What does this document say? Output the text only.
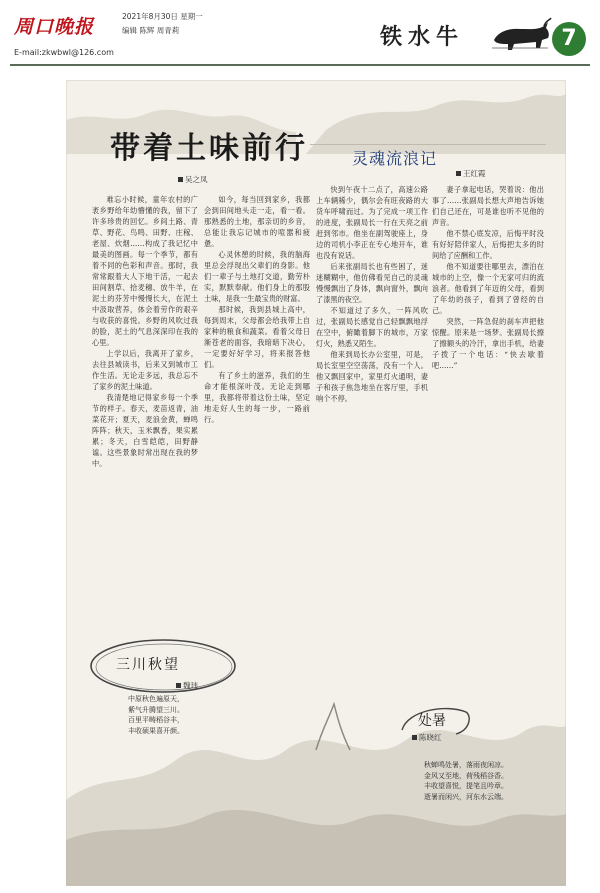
周口晚报
E-mail:zkwbwl@126.com
2021年8月30日 星期一
编辑 陈辉 周青莉	铁水牛	7
带着土味前行
吴之凤

难忘小时候，童年农村的广袤乡野给年幼懵懂的我，留下了许多珍贵的回忆。乡间土路、青草、野花、鸟鸣、田野、庄稼、老屋、炊烟……构成了我记忆中最美的图画。每一个季节，都有着不同的色彩和声音。那时，我常常跟着大人下地干活，一起去田间割草、拾麦穗、放牛羊，在泥土的芬芳中慢慢长大，在泥土中汲取营养，体会着劳作的艰辛与收获的喜悦。乡野的风吹过我的脸，泥土的气息深深印在我的心里。

上学以后，我离开了家乡，去往县城读书，后来又到城市工作生活。无论走多远，我总忘不了家乡的泥土味道。

我清楚地记得家乡每一个季节的样子。春天，麦苗返青，油菜花开；夏天，麦浪金黄，蝉鸣阵阵；秋天，玉米飘香，果实累累；冬天，白雪皑皑，田野静谧。这些景象时常出现在我的梦中。

如今，每当回到家乡，我都会到田间地头走一走，看一看。那熟悉的土地，那亲切的乡音，总能让我忘记城市的喧嚣和疲惫。

心灵休憩的时候，我的脑海里总会浮现出父辈们的身影。他们一辈子与土地打交道，勤劳朴实，默默奉献。他们身上的那股土味，是我一生最宝贵的财富。

那时候，我到县城上高中，每到周末，父母都会给我带上自家种的粮食和蔬菜。看着父母日渐苍老的面容，我暗暗下决心，一定要好好学习，将来报答他们。

有了乡土的滋养，我们的生命才能根深叶茂。无论走到哪里，我都将带着这份土味，坚定地走好人生的每一步，一路前行。

灵魂流浪记
王红霞

快到午夜十二点了，高速公路上车辆稀少，偶尔会有旺夜路的大货车呼啸而过。为了完成一项工作的进度，张副局长一行在天亮之前赶到邻市。他坐在副驾驶座上，身边的司机小李正在专心地开车，谁也没有说话。

后来张副局长也有些困了，迷迷糊糊中，他仿佛看见自己的灵魂慢慢飘出了身体，飘向窗外，飘向了漆黑的夜空。

不知道过了多久，一阵风吹过，张副局长感觉自己轻飘飘地浮在空中，俯瞰着脚下的城市，万家灯火，熟悉又陌生。

他来到局长办公室里，可是，局长室里空空荡荡，没有一个人。他又飘回家中，家里灯火通明，妻子和孩子焦急地坐在客厅里，手机响个不停。

妻子拿起电话，哭着说：他出事了……张副局长想大声地告诉她们自己还在，可是谁也听不见他的声音。

他不禁心底发凉，后悔平时没有好好陪伴家人，后悔把太多的时间给了应酬和工作。

他不知道要往哪里去，漂泊在城市的上空，像一个无家可归的流浪者。他看到了年迈的父母，看到了年幼的孩子，看到了曾经的自己。

突然，一阵急促的刹车声把他惊醒。原来是一场梦。张副局长擦了擦额头的冷汗，拿出手机，给妻子拨了一个电话：“快去歇着吧……”

三川秋望
魏玮
中原秋色遍原天，
紫气升腾望三川。
百里平畴稻谷丰，
丰收硕果喜开颜。
处暑
陈晓红
秋蝉鸣处暑，落雨夜闲凉。
金风又至地，荷残稻谷香。
丰收望喜悦，提笔且吟章。
逝暑而闲兴，河东水云端。
